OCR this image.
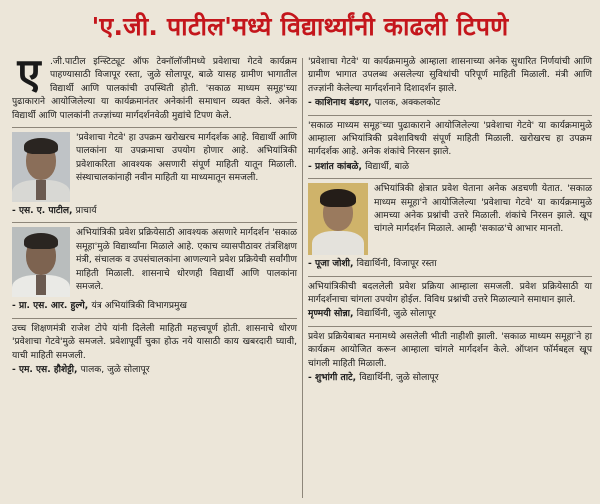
'ए.जी. पाटील'मध्ये विद्यार्थ्यांनी काढली टिपणे
ए	.जी.पाटील इन्स्टिट्यूट ऑफ टेक्नॉलॉजीमध्ये प्रवेशाचा गेटवे कार्यक्रम पाहण्यासाठी विजापूर रस्ता, जुळे सोलापूर, बाळे यासह ग्रामीण भागातील विद्यार्थी आणि पालकांची उपस्थिती होती. 'सकाळ माध्यम समूह'च्या पुढाकाराने आयोजिलेल्या या कार्यक्रमानंतर अनेकांनी समाधान व्यक्त केले. अनेक विद्यार्थी आणि पालकांनी तज्ज्ञांच्या मार्गदर्शनवेळी मुद्यांचे टिपण केले.

'प्रवेशाचा गेटवे' हा उपक्रम खरोखरच मार्गदर्शक आहे. विद्यार्थी आणि पालकांना या उपक्रमाचा उपयोग होणार आहे. अभियांत्रिकी प्रवेशाकरिता आवश्यक असणारी संपूर्ण माहिती यातून मिळाली. संस्थाचालकांनाही नवीन माहिती या माध्यमातून समजली.

- एस. ए. पाटील, प्राचार्य

अभियांत्रिकी प्रवेश प्रक्रियेसाठी आवश्यक असणारे मार्गदर्शन 'सकाळ समूहा'मुळे विद्यार्थ्यांना मिळाले आहे. एकाच व्यासपीठावर तंत्रशिक्षण मंत्री, संचालक व उपसंचालकांना आणल्याने प्रवेश प्रक्रियेची सर्वांगीण माहिती मिळाली. शासनाचे धोरणही विद्यार्थी आणि पालकांना समजले.

- प्रा. एस. आर. हुल्गे, यंत्र अभियांत्रिकी विभागप्रमुख

उच्च शिक्षणमंत्री राजेश टोपे यांनी दिलेली माहिती महत्त्वपूर्ण होती. शासनाचे धोरण 'प्रवेशाचा गेटवे'मुळे समजले. प्रवेशापूर्वी चुका होऊ नये यासाठी काय खबरदारी घ्यावी, याची माहिती समजली.

- एम. एस. हौशेट्टी, पालक, जुळे सोलापूर

'प्रवेशाचा गेटवे' या कार्यक्रमामुळे आम्हाला शासनाच्या अनेक सुधारित निर्णयांची आणि ग्रामीण भागात उपलब्ध असलेल्या सुविधांची परिपूर्ण माहिती मिळाली. मंत्री आणि तज्ज्ञांनी केलेल्या मार्गदर्शनाने दिशादर्शन झाले.

- काशिनाथ बंडगर, पालक, अक्कलकोट

'सकाळ माध्यम समूह'च्या पुढाकाराने आयोजिलेल्या 'प्रवेशाचा गेटवे' या कार्यक्रमामुळे आम्हाला अभियांत्रिकी प्रवेशाविषयी संपूर्ण माहिती मिळाली. खरोखरच हा उपक्रम मार्गदर्शक आहे. अनेक शंकांचे निरसन झाले.

- प्रशांत कांबळे, विद्यार्थी, बाळे

अभियांत्रिकी क्षेत्रात प्रवेश घेताना अनेक अडचणी येतात. 'सकाळ माध्यम समूहा'ने आयोजिलेल्या 'प्रवेशाचा गेटवे' या कार्यक्रमामुळे आमच्या अनेक प्रश्नांची उत्तरे मिळाली. शंकांचे निरसन झाले. खूप चांगले मार्गदर्शन मिळाले. आम्ही 'सकाळ'चे आभार मानतो.

- पूजा जोशी, विद्यार्थिनी, विजापूर रस्ता

अभियांत्रिकीची बदललेली प्रवेश प्रक्रिया आम्हाला समजली. प्रवेश प्रक्रियेसाठी या मार्गदर्शनाचा चांगला उपयोग होईल. विविध प्रश्नांची उत्तरे मिळाल्याने समाधान झाले.

मृण्मयी सोन्ना, विद्यार्थिनी, जुळे सोलापूर

प्रवेश प्रक्रियेबाबत मनामध्ये असलेली भीती नाहीशी झाली. 'सकाळ माध्यम समूहा'ने हा कार्यक्रम आयोजित करून आम्हाला चांगले मार्गदर्शन केले. ऑप्शन फॉर्मबद्दल खूप चांगली माहिती मिळाली.

- शुभांगी ताटे, विद्यार्थिनी, जुळे सोलापूर
